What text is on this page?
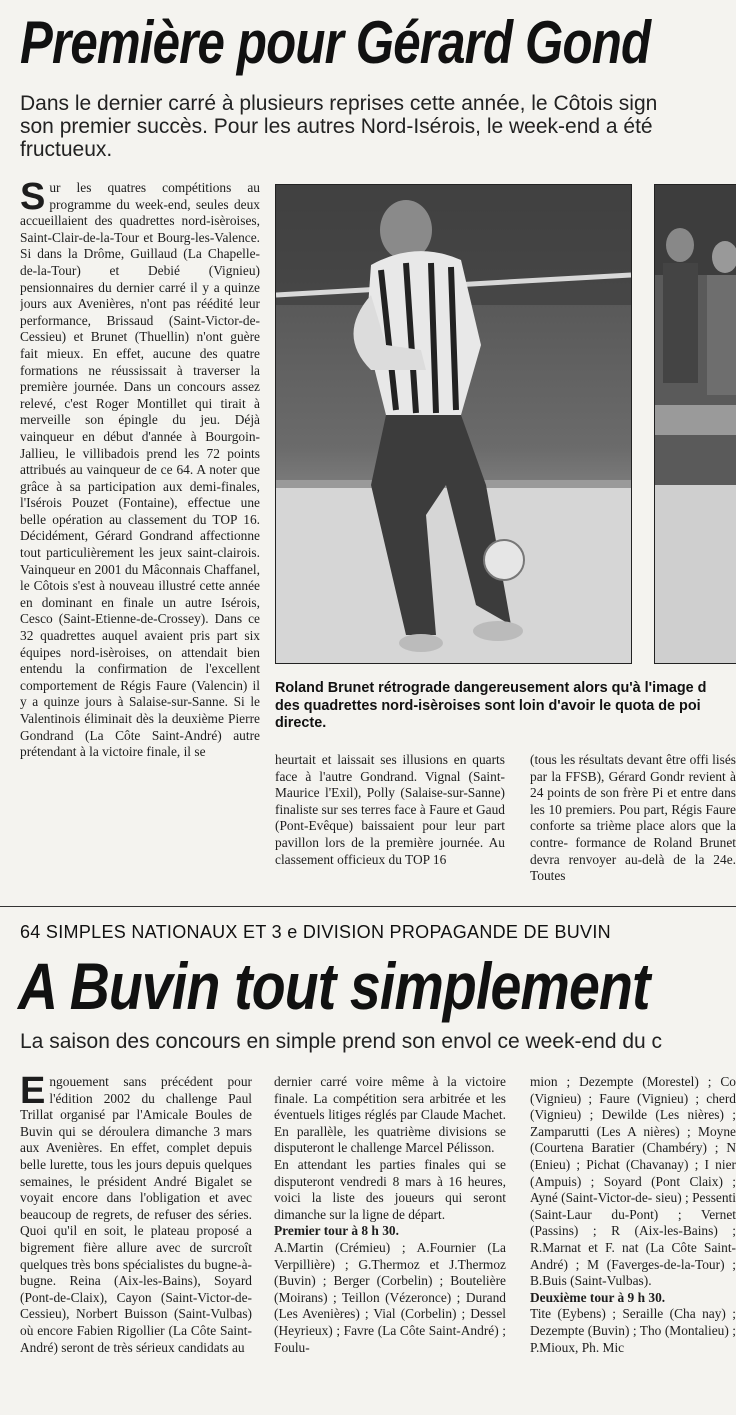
Première pour Gérard Gond
Dans le dernier carré à plusieurs reprises cette année, le Côtois sign
son premier succès. Pour les autres Nord-Isérois, le week-end a été
fructueux.
S ur les quatres compétitions au programme du week-end, seules deux accueillaient des quadrettes nord-isèroises, Saint-Clair-de-la-Tour et Bourg-les-Valence. Si dans la Drôme, Guillaud (La Chapelle-de-la-Tour) et Debié (Vignieu) pensionnaires du dernier carré il y a quinze jours aux Avenières, n'ont pas réédité leur performance, Brissaud (Saint-Victor-de-Cessieu) et Brunet (Thuellin) n'ont guère fait mieux. En effet, aucune des quatre formations ne réussissait à traverser la première journée. Dans un concours assez relevé, c'est Roger Montillet qui tirait à merveille son épingle du jeu. Déjà vainqueur en début d'année à Bourgoin-Jallieu, le villibadois prend les 72 points attribués au vainqueur de ce 64. A noter que grâce à sa participation aux demi-finales, l'Isérois Pouzet (Fontaine), effectue une belle opération au classement du TOP 16. Décidément, Gérard Gondrand affectionne tout particulièrement les jeux saint-clairois. Vainqueur en 2001 du Mâconnais Chaffanel, le Côtois s'est à nouveau illustré cette année en dominant en finale un autre Isérois, Cesco (Saint-Etienne-de-Crossey). Dans ce 32 quadrettes auquel avaient pris part six équipes nord-isèroises, on attendait bien entendu la confirmation de l'excellent comportement de Régis Faure (Valencin) il y a quinze jours à Salaise-sur-Sanne. Si le Valentinois éliminait dès la deuxième Pierre Gondrand (La Côte Saint-André) autre prétendant à la victoire finale, il se
Roland Brunet rétrograde dangereusement alors qu'à l'image d
des quadrettes nord-isèroises sont loin d'avoir le quota de poi
directe.
heurtait et laissait ses illusions en quarts face à l'autre Gondrand. Vignal (Saint-Maurice l'Exil), Polly (Salaise-sur-Sanne) finaliste sur ses terres face à Faure et Gaud (Pont-Evêque) baissaient pour leur part pavillon lors de la première journée. Au classement officieux du TOP 16
(tous les résultats devant être offi lisés par la FFSB), Gérard Gondr revient à 24 points de son frère Pi et entre dans les 10 premiers. Pou part, Régis Faure conforte sa trième place alors que la contre- formance de Roland Brunet devra renvoyer au-delà de la 24e. Toutes
64 SIMPLES NATIONAUX ET 3 e DIVISION PROPAGANDE DE BUVIN
A Buvin tout simplement
La saison des concours en simple prend son envol ce week-end du c
E ngouement sans précédent pour l'édition 2002 du challenge Paul Trillat organisé par l'Amicale Boules de Buvin qui se déroulera dimanche 3 mars aux Avenières. En effet, complet depuis belle lurette, tous les jours depuis quelques semaines, le président André Bigalet se voyait encore dans l'obligation et avec beaucoup de regrets, de refuser des séries. Quoi qu'il en soit, le plateau proposé a bigrement fière allure avec de surcroît quelques très bons spécialistes du bugne-à-bugne. Reina (Aix-les-Bains), Soyard (Pont-de-Claix), Cayon (Saint-Victor-de-Cessieu), Norbert Buisson (Saint-Vulbas) où encore Fabien Rigollier (La Côte Saint-André) seront de très sérieux candidats au

dernier carré voire même à la victoire finale. La compétition sera arbitrée et les éventuels litiges réglés par Claude Machet. En parallèle, les quatrième divisions se disputeront le challenge Marcel Pélisson.

En attendant les parties finales qui se disputeront vendredi 8 mars à 16 heures, voici la liste des joueurs qui seront dimanche sur la ligne de départ.

Premier tour à 8 h 30.

A.Martin (Crémieu) ; A.Fournier (La Verpillière) ; G.Thermoz et J.Thermoz (Buvin) ; Berger (Corbelin) ; Boutelière (Moirans) ; Teillon (Vézeronce) ; Durand (Les Avenières) ; Vial (Corbelin) ; Dessel (Heyrieux) ; Favre (La Côte Saint-André) ; Foulu-

mion ; Dezempte (Morestel) ; Co (Vignieu) ; Faure (Vignieu) ; cherd (Vignieu) ; Dewilde (Les nières) ; Zamparutti (Les A nières) ; Moyne (Courtena Baratier (Chambéry) ; N (Enieu) ; Pichat (Chavanay) ; I nier (Ampuis) ; Soyard (Pont Claix) ; Ayné (Saint-Victor-de- sieu) ; Pessenti (Saint-Laur du-Pont) ; Vernet (Passins) ; R (Aix-les-Bains) ; R.Marnat et F. nat (La Côte Saint-André) ; M (Faverges-de-la-Tour) ; B.Buis (Saint-Vulbas).

Deuxième tour à 9 h 30.

Tite (Eybens) ; Seraille (Cha nay) ; Dezempte (Buvin) ; Tho (Montalieu) ; P.Mioux, Ph. Mic
